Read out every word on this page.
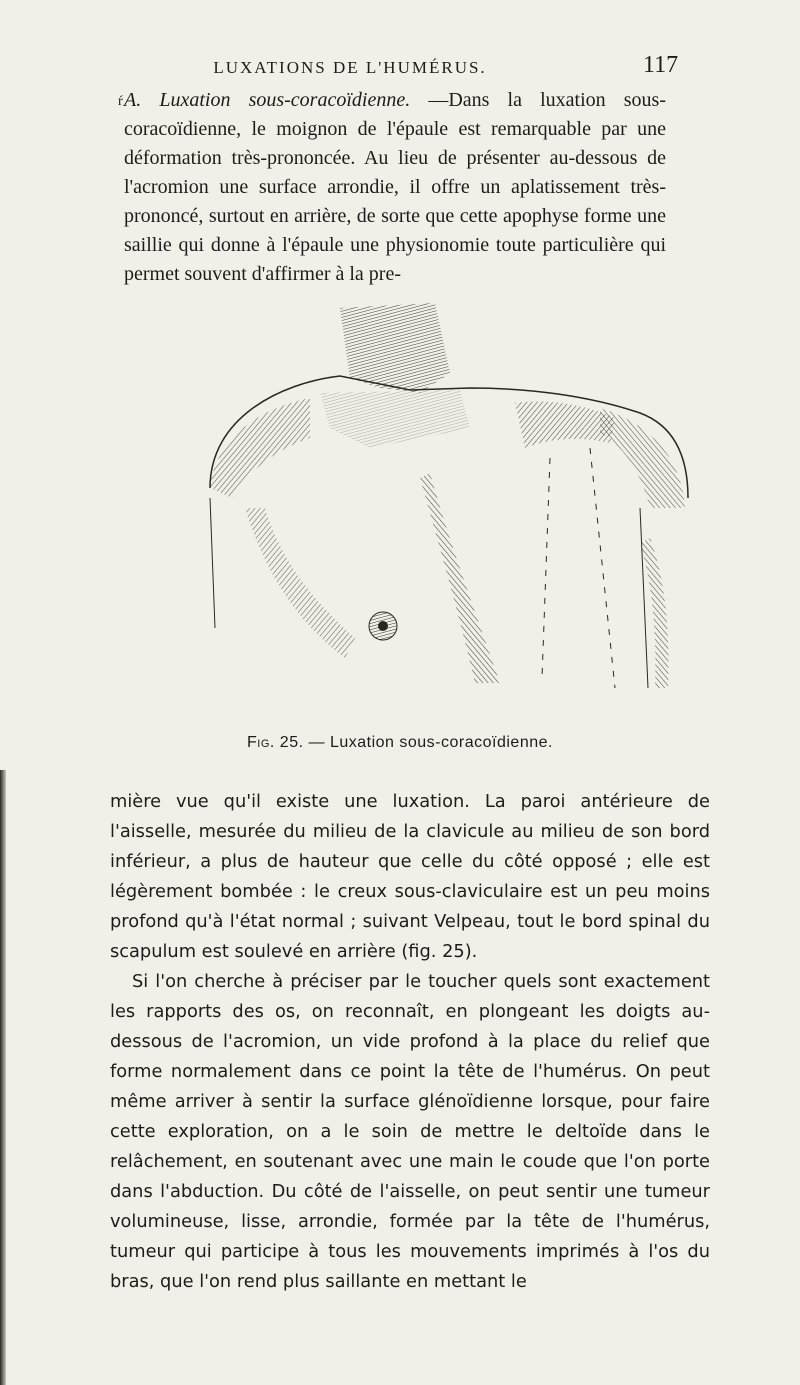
ŕ
LUXATIONS DE L'HUMÉRUS.	117

A. Luxation sous-coracoïdienne. —Dans la luxation sous-coracoïdienne, le moignon de l'épaule est remarquable par une déformation très-prononcée. Au lieu de présenter au-dessous de l'acromion une surface arrondie, il offre un aplatissement très-prononcé, surtout en arrière, de sorte que cette apophyse forme une saillie qui donne à l'épaule une physionomie toute particulière qui permet souvent d'affirmer à la pre-

Fig. 25. — Luxation sous-coracoïdienne.

mière vue qu'il existe une luxation. La paroi antérieure de l'aisselle, mesurée du milieu de la clavicule au milieu de son bord inférieur, a plus de hauteur que celle du côté opposé ; elle est légèrement bombée : le creux sous-claviculaire est un peu moins profond qu'à l'état normal ; suivant Velpeau, tout le bord spinal du scapulum est soulevé en arrière (fig. 25).

Si l'on cherche à préciser par le toucher quels sont exactement les rapports des os, on reconnaît, en plongeant les doigts au-dessous de l'acromion, un vide profond à la place du relief que forme normalement dans ce point la tête de l'humérus. On peut même arriver à sentir la surface glénoïdienne lorsque, pour faire cette exploration, on a le soin de mettre le deltoïde dans le relâchement, en soutenant avec une main le coude que l'on porte dans l'abduction. Du côté de l'aisselle, on peut sentir une tumeur volumineuse, lisse, arrondie, formée par la tête de l'humérus, tumeur qui participe à tous les mouvements imprimés à l'os du bras, que l'on rend plus saillante en mettant le
